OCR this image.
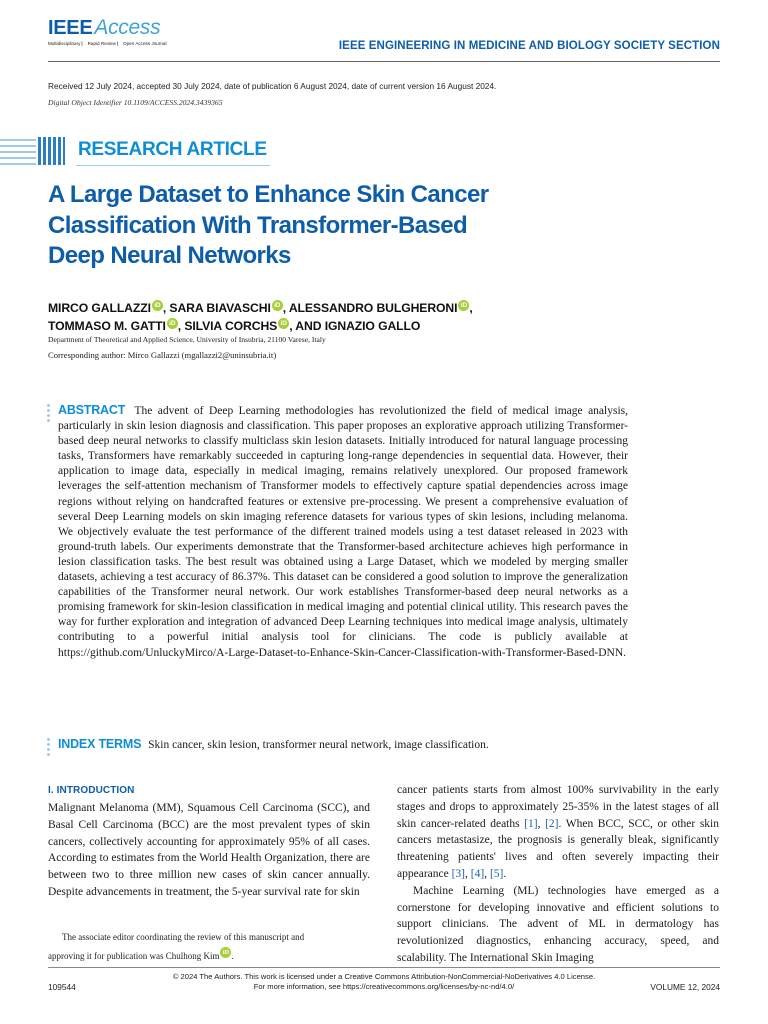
IEEE Access
Multidisciplinary ⎸ Rapid Review ⎸ Open Access Journal	IEEE ENGINEERING IN MEDICINE AND BIOLOGY SOCIETY SECTION
Received 12 July 2024, accepted 30 July 2024, date of publication 6 August 2024, date of current version 16 August 2024.
Digital Object Identifier 10.1109/ACCESS.2024.3439365
RESEARCH ARTICLE
A Large Dataset to Enhance Skin Cancer
Classification With Transformer-Based
Deep Neural Networks
MIRCO GALLAZZI iD , SARA BIAVASCHI iD , ALESSANDRO BULGHERONI iD ,
TOMMASO M. GATTI iD , SILVIA CORCHS iD , AND IGNAZIO GALLO
Department of Theoretical and Applied Science, University of Insubria, 21100 Varese, Italy
Corresponding author: Mirco Gallazzi (mgallazzi2@uninsubria.it)
ABSTRACT The advent of Deep Learning methodologies has revolutionized the field of medical image analysis, particularly in skin lesion diagnosis and classification. This paper proposes an explorative approach utilizing Transformer-based deep neural networks to classify multiclass skin lesion datasets. Initially introduced for natural language processing tasks, Transformers have remarkably succeeded in capturing long-range dependencies in sequential data. However, their application to image data, especially in medical imaging, remains relatively unexplored. Our proposed framework leverages the self-attention mechanism of Transformer models to effectively capture spatial dependencies across image regions without relying on handcrafted features or extensive pre-processing. We present a comprehensive evaluation of several Deep Learning models on skin imaging reference datasets for various types of skin lesions, including melanoma. We objectively evaluate the test performance of the different trained models using a test dataset released in 2023 with ground-truth labels. Our experiments demonstrate that the Transformer-based architecture achieves high performance in lesion classification tasks. The best result was obtained using a Large Dataset, which we modeled by merging smaller datasets, achieving a test accuracy of 86.37%. This dataset can be considered a good solution to improve the generalization capabilities of the Transformer neural network. Our work establishes Transformer-based deep neural networks as a promising framework for skin-lesion classification in medical imaging and potential clinical utility. This research paves the way for further exploration and integration of advanced Deep Learning techniques into medical image analysis, ultimately contributing to a powerful initial analysis tool for clinicians. The code is publicly available at https://github.com/UnluckyMirco/A-Large-Dataset-to-Enhance-Skin-Cancer-Classification-with-Transformer-Based-DNN.
INDEX TERMS Skin cancer, skin lesion, transformer neural network, image classification.
I. INTRODUCTION

Malignant Melanoma (MM), Squamous Cell Carcinoma (SCC), and Basal Cell Carcinoma (BCC) are the most prevalent types of skin cancers, collectively accounting for approximately 95% of all cases. According to estimates from the World Health Organization, there are between two to three million new cases of skin cancer annually. Despite advancements in treatment, the 5-year survival rate for skin

cancer patients starts from almost 100% survivability in the early stages and drops to approximately 25-35% in the latest stages of all skin cancer-related deaths [1], [2]. When BCC, SCC, or other skin cancers metastasize, the prognosis is generally bleak, significantly threatening patients' lives and often severely impacting their appearance [3], [4], [5].

Machine Learning (ML) technologies have emerged as a cornerstone for developing innovative and efficient solutions to support clinicians. The advent of ML in dermatology has revolutionized diagnostics, enhancing accuracy, speed, and scalability. The International Skin Imaging

The associate editor coordinating the review of this manuscript and
approving it for publication was Chulhong Kim iD .
© 2024 The Authors. This work is licensed under a Creative Commons Attribution-NonCommercial-NoDerivatives 4.0 License.
For more information, see https://creativecommons.org/licenses/by-nc-nd/4.0/
109544	VOLUME 12, 2024
